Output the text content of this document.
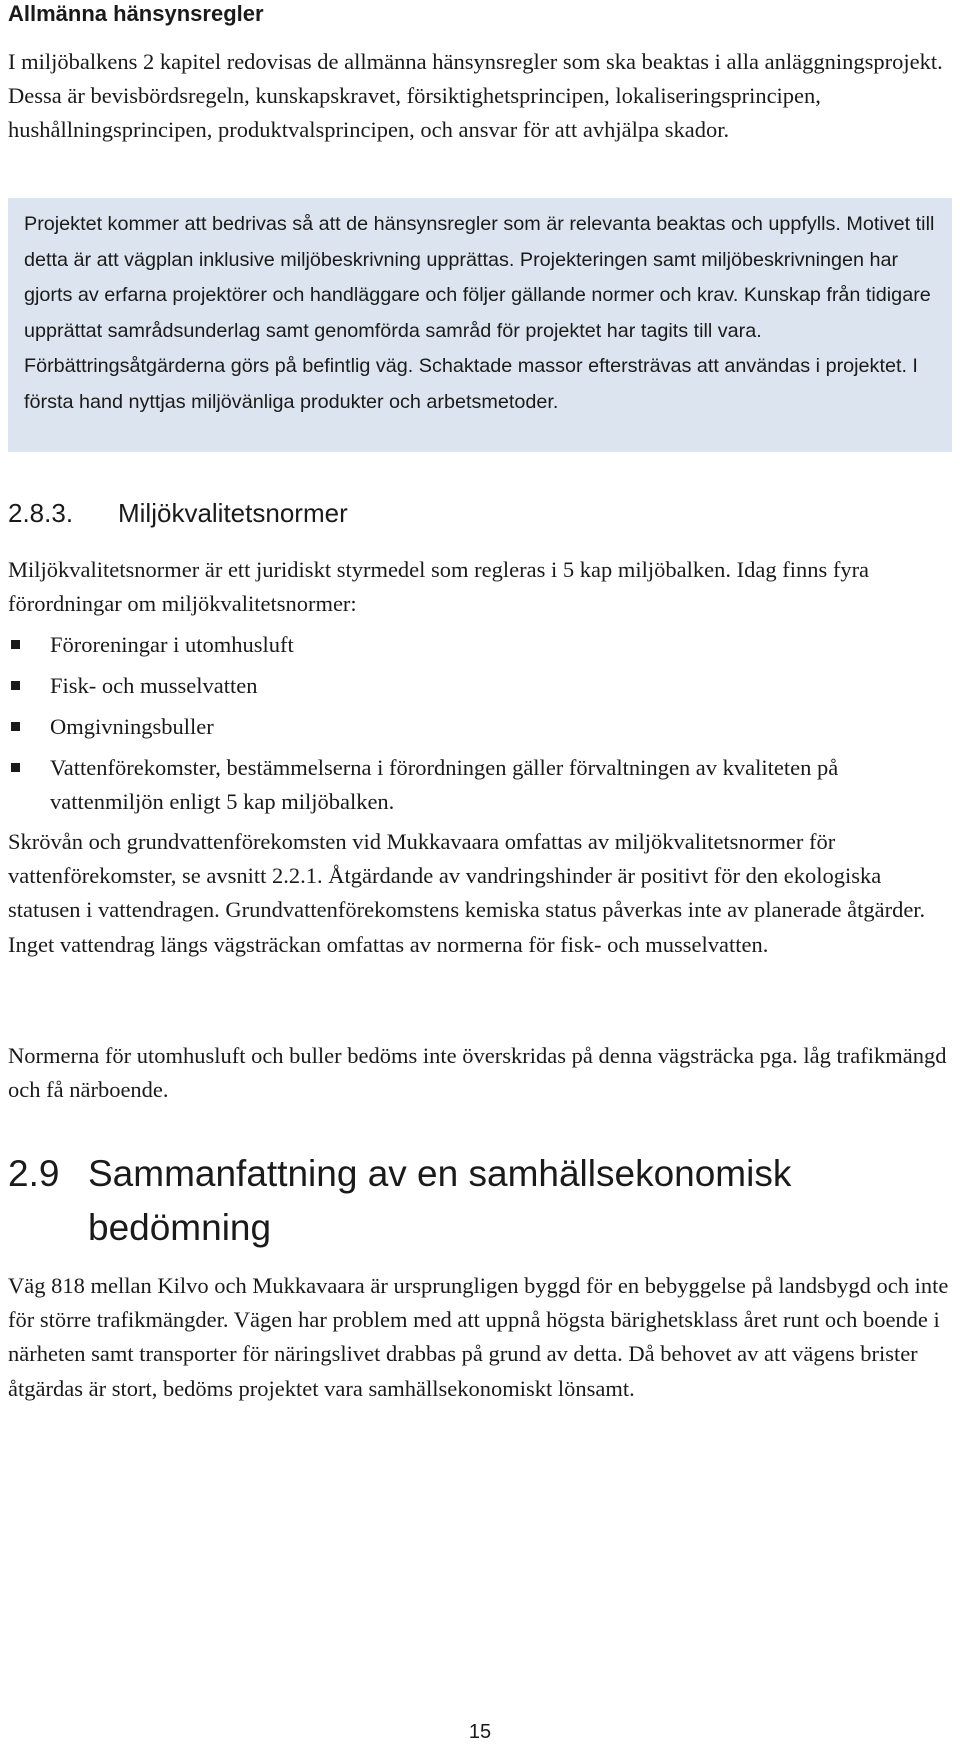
Allmänna hänsynsregler

I miljöbalkens 2 kapitel redovisas de allmänna hänsynsregler som ska beaktas i alla anläggningsprojekt. Dessa är bevisbördsregeln, kunskapskravet, försiktighetsprincipen, lokaliseringsprincipen, hushållningsprincipen, produktvalsprincipen, och ansvar för att avhjälpa skador.

Projektet kommer att bedrivas så att de hänsynsregler som är relevanta beaktas och uppfylls. Motivet till detta är att vägplan inklusive miljöbeskrivning upprättas. Projekteringen samt miljöbeskrivningen har gjorts av erfarna projektörer och handläggare och följer gällande normer och krav. Kunskap från tidigare upprättat samrådsunderlag samt genomförda samråd för projektet har tagits till vara. Förbättringsåtgärderna görs på befintlig väg. Schaktade massor eftersträvas att användas i projektet. I första hand nyttjas miljövänliga produkter och arbetsmetoder.

2.8.3.	Miljökvalitetsnormer

Miljökvalitetsnormer är ett juridiskt styrmedel som regleras i 5 kap miljöbalken. Idag finns fyra förordningar om miljökvalitetsnormer:

Föroreningar i utomhusluft
Fisk- och musselvatten
Omgivningsbuller
Vattenförekomster, bestämmelserna i förordningen gäller förvaltningen av kvaliteten på vattenmiljön enligt 5 kap miljöbalken.

Skrövån och grundvattenförekomsten vid Mukkavaara omfattas av miljökvalitetsnormer för vattenförekomster, se avsnitt 2.2.1. Åtgärdande av vandringshinder är positivt för den ekologiska statusen i vattendragen. Grundvattenförekomstens kemiska status påverkas inte av planerade åtgärder. Inget vattendrag längs vägsträckan omfattas av normerna för fisk- och musselvatten.

Normerna för utomhusluft och buller bedöms inte överskridas på denna vägsträcka pga. låg trafikmängd och få närboende.

2.9 Sammanfattning av en samhällsekonomisk bedömning

Väg 818 mellan Kilvo och Mukkavaara är ursprungligen byggd för en bebyggelse på landsbygd och inte för större trafikmängder. Vägen har problem med att uppnå högsta bärighetsklass året runt och boende i närheten samt transporter för näringslivet drabbas på grund av detta. Då behovet av att vägens brister åtgärdas är stort, bedöms projektet vara samhällsekonomiskt lönsamt.

15
